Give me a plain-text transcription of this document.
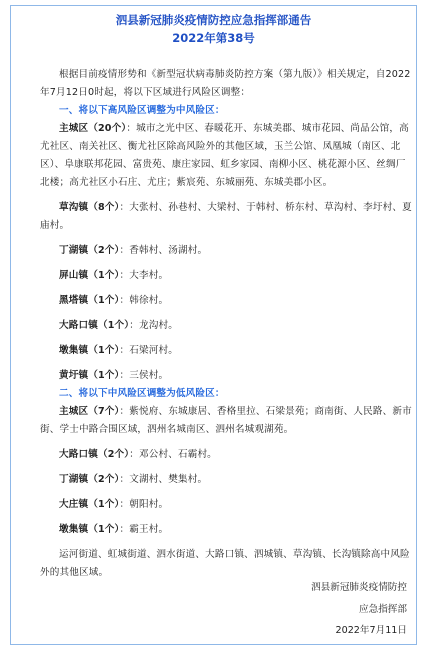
泗县新冠肺炎疫情防控应急指挥部通告
2022年第38号

根据目前疫情形势和《新型冠状病毒肺炎防控方案（第九版）》相关规定，自2022年7月12日0时起，将以下区域进行风险区调整：

一、将以下高风险区调整为中风险区：

主城区（20个）：城市之光中区、春暖花开、东城美郡、城市花园、尚品公馆，高尤社区、南关社区、衡尤社区除高风险外的其他区域，玉兰公馆、凤凰城（南区、北区）、阜康联邦花园、富贵苑、康庄家园、虹乡家园、南柳小区、桃花源小区、丝绸厂北楼；高尤社区小石庄、尤庄；紫宸苑、东城丽苑、东城美郡小区。

草沟镇（8个）：大张村、孙巷村、大梁村、于韩村、桥东村、草沟村、李圩村、夏庙村。

丁湖镇（2个）：香韩村、汤湖村。

屏山镇（1个）：大李村。

黑塔镇（1个）：韩徐村。

大路口镇（1个）：龙沟村。

墩集镇（1个）：石梁河村。

黄圩镇（1个）：三侯村。

二、将以下中风险区调整为低风险区：

主城区（7个）：紫悦府、东城康居、香格里拉、石梁景苑；商南街、人民路、新市街、学士中路合围区域，泗州名城南区、泗州名城观湖苑。

大路口镇（2个）：邓公村、石霸村。

丁湖镇（2个）：文湖村、樊集村。

大庄镇（1个）：朝阳村。

墩集镇（1个）：霸王村。

运河街道、虹城街道、泗水街道、大路口镇、泗城镇、草沟镇、长沟镇除高中风险外的其他区域。

泗县新冠肺炎疫情防控
应急指挥部
2022年7月11日
